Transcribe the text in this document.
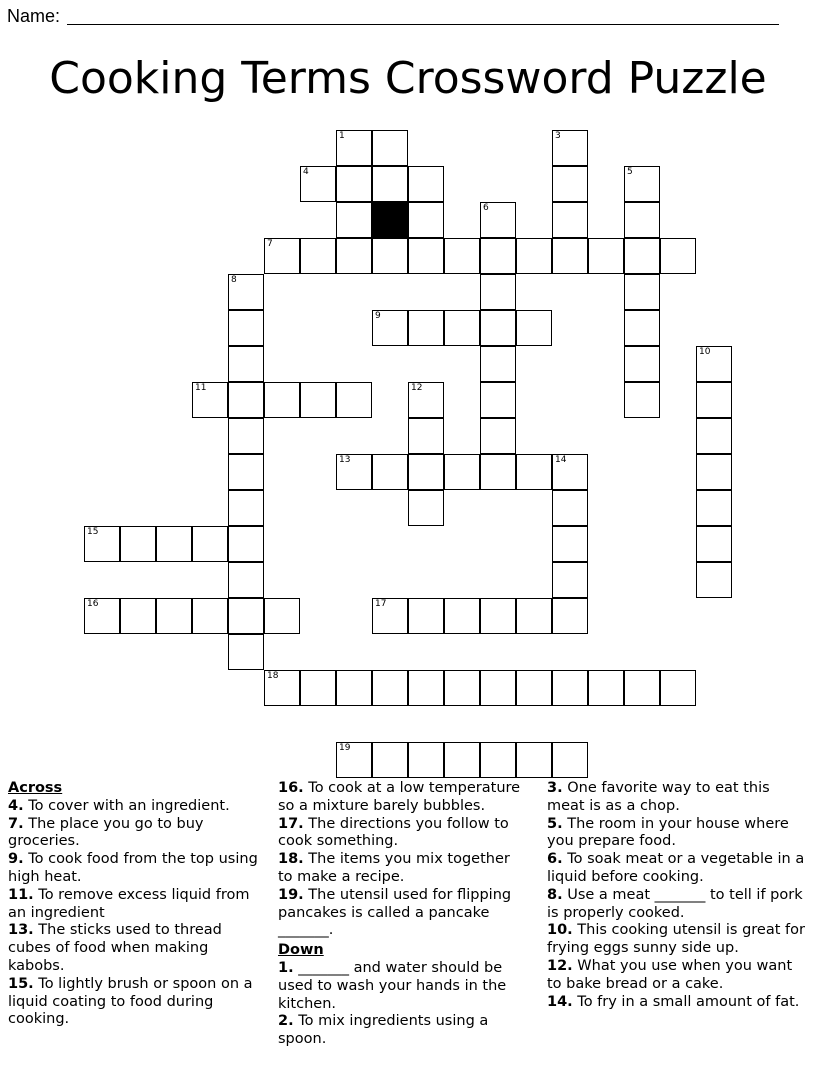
Name:
Cooking Terms Crossword Puzzle
1
4
7
8
9
10
11	12
13	14
15
16	17
18
19
6
3
5

Across

4. To cover with an ingredient.

7. The place you go to buy groceries.

9. To cook food from the top using high heat.

11. To remove excess liquid from an ingredient

13. The sticks used to thread cubes of food when making kabobs.

15. To lightly brush or spoon on a liquid coating to food during cooking.

16. To cook at a low temperature so a mixture barely bubbles.

17. The directions you follow to cook something.

18. The items you mix together to make a recipe.

19. The utensil used for flipping pancakes is called a pancake _______.

Down

1. _______ and water should be used to wash your hands in the kitchen.

2. To mix ingredients using a spoon.

3. One favorite way to eat this meat is as a chop.

5. The room in your house where you prepare food.

6. To soak meat or a vegetable in a liquid before cooking.

8. Use a meat _______ to tell if pork is properly cooked.

10. This cooking utensil is great for frying eggs sunny side up.

12. What you use when you want to bake bread or a cake.

14. To fry in a small amount of fat.
